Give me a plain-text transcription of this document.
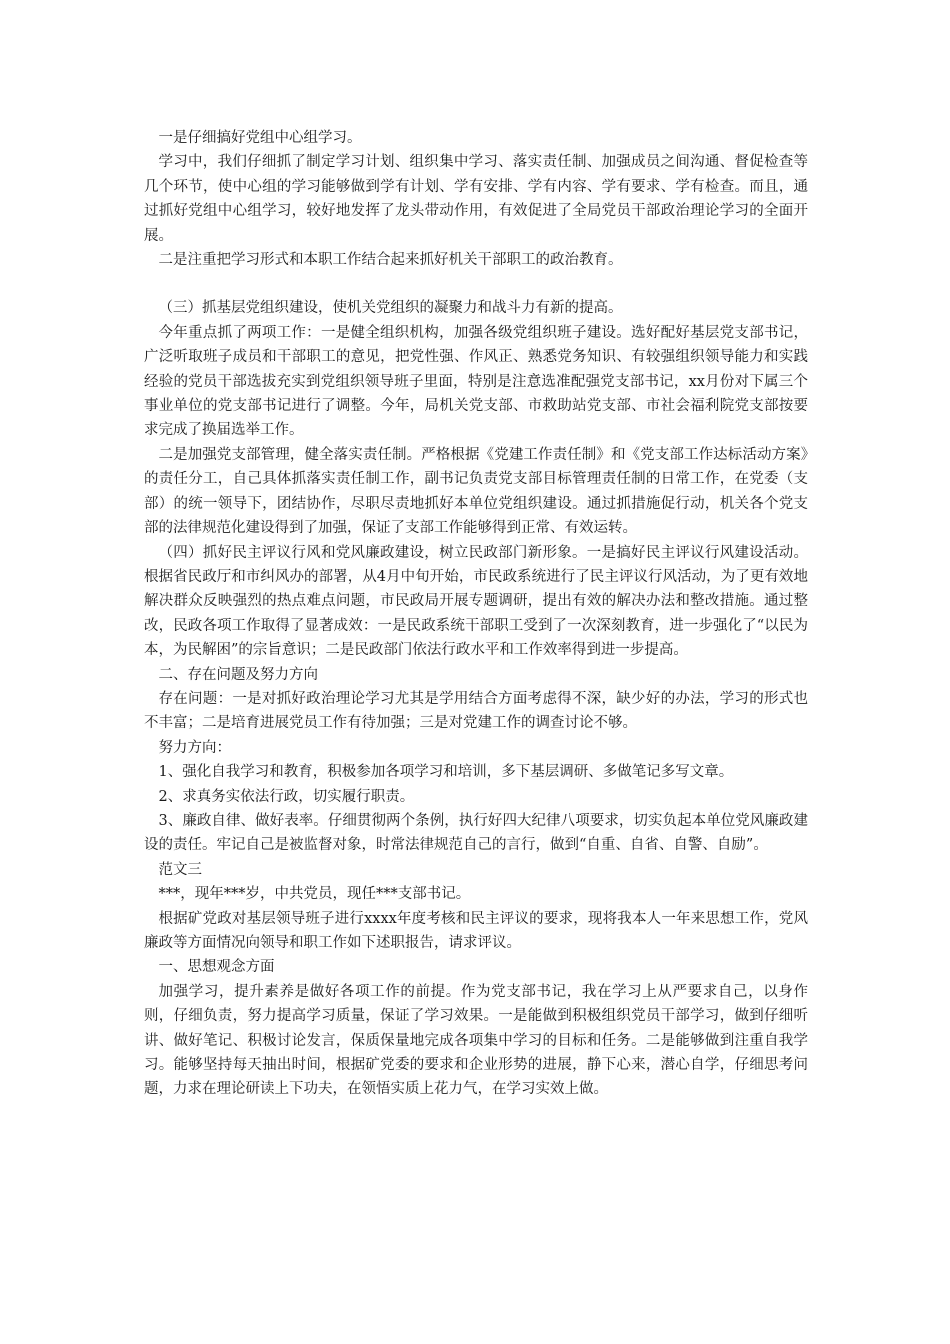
一是仔细搞好党组中心组学习。

学习中，我们仔细抓了制定学习计划、组织集中学习、落实责任制、加强成员之间沟通、督促检查等几个环节，使中心组的学习能够做到学有计划、学有安排、学有内容、学有要求、学有检查。而且，通过抓好党组中心组学习，较好地发挥了龙头带动作用，有效促进了全局党员干部政治理论学习的全面开展。

二是注重把学习形式和本职工作结合起来抓好机关干部职工的政治教育。

（三）抓基层党组织建设，使机关党组织的凝聚力和战斗力有新的提高。

今年重点抓了两项工作：一是健全组织机构，加强各级党组织班子建设。选好配好基层党支部书记，广泛听取班子成员和干部职工的意见，把党性强、作风正、熟悉党务知识、有较强组织领导能力和实践经验的党员干部选拔充实到党组织领导班子里面，特别是注意选准配强党支部书记，xx月份对下属三个事业单位的党支部书记进行了调整。今年，局机关党支部、市救助站党支部、市社会福利院党支部按要求完成了换届选举工作。

二是加强党支部管理，健全落实责任制。严格根据《党建工作责任制》和《党支部工作达标活动方案》的责任分工，自己具体抓落实责任制工作，副书记负责党支部目标管理责任制的日常工作，在党委（支部）的统一领导下，团结协作，尽职尽责地抓好本单位党组织建设。通过抓措施促行动，机关各个党支部的法律规范化建设得到了加强，保证了支部工作能够得到正常、有效运转。

（四）抓好民主评议行风和党风廉政建设，树立民政部门新形象。一是搞好民主评议行风建设活动。根据省民政厅和市纠风办的部署，从4月中旬开始，市民政系统进行了民主评议行风活动，为了更有效地解决群众反映强烈的热点难点问题，市民政局开展专题调研，提出有效的解决办法和整改措施。通过整改，民政各项工作取得了显著成效：一是民政系统干部职工受到了一次深刻教育，进一步强化了“以民为本，为民解困”的宗旨意识；二是民政部门依法行政水平和工作效率得到进一步提高。

二、存在问题及努力方向

存在问题：一是对抓好政治理论学习尤其是学用结合方面考虑得不深，缺少好的办法，学习的形式也不丰富；二是培育进展党员工作有待加强；三是对党建工作的调查讨论不够。

努力方向：

1、强化自我学习和教育，积极参加各项学习和培训，多下基层调研、多做笔记多写文章。

2、求真务实依法行政，切实履行职责。

3、廉政自律、做好表率。仔细贯彻两个条例，执行好四大纪律八项要求，切实负起本单位党风廉政建设的责任。牢记自己是被监督对象，时常法律规范自己的言行，做到“自重、自省、自警、自励”。

范文三

***，现年***岁，中共党员，现任***支部书记。

根据矿党政对基层领导班子进行xxxx年度考核和民主评议的要求，现将我本人一年来思想工作，党风廉政等方面情况向领导和职工作如下述职报告，请求评议。

一、思想观念方面

加强学习，提升素养是做好各项工作的前提。作为党支部书记，我在学习上从严要求自己，以身作则，仔细负责，努力提高学习质量，保证了学习效果。一是能做到积极组织党员干部学习，做到仔细听讲、做好笔记、积极讨论发言，保质保量地完成各项集中学习的目标和任务。二是能够做到注重自我学习。能够坚持每天抽出时间，根据矿党委的要求和企业形势的进展，静下心来，潜心自学，仔细思考问题，力求在理论研读上下功夫，在领悟实质上花力气，在学习实效上做。
